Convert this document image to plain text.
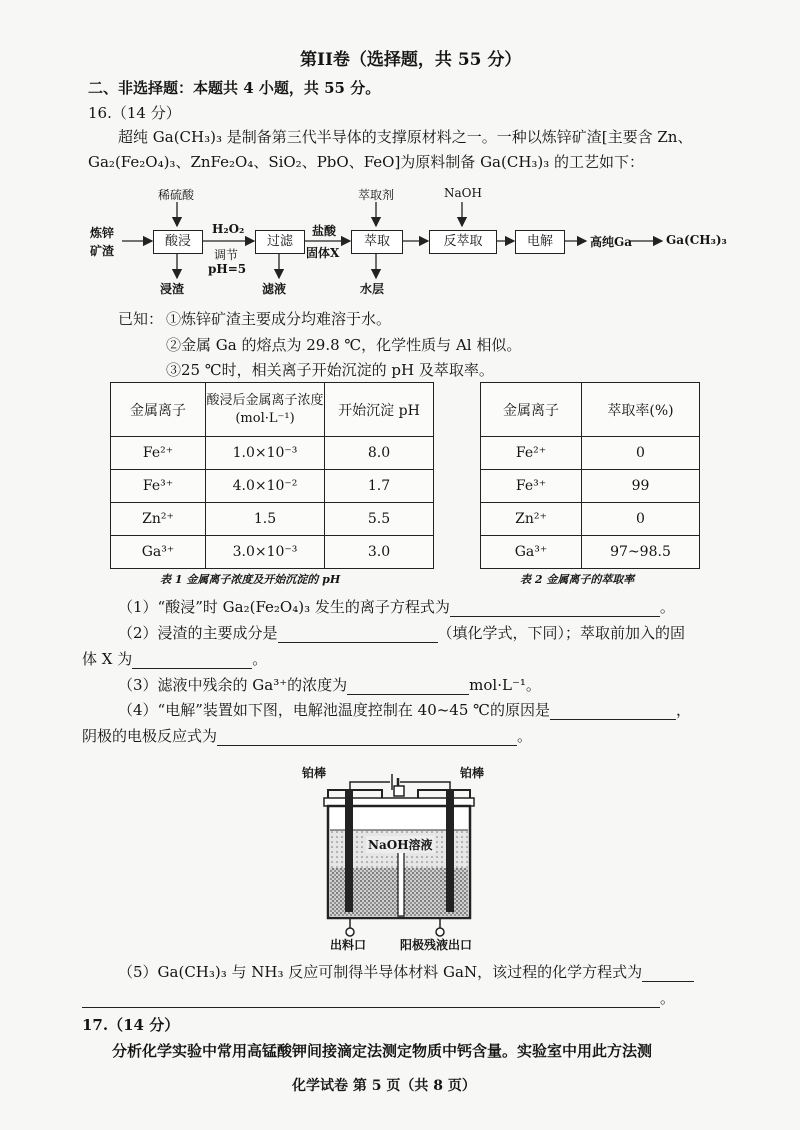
第II卷（选择题，共 55 分）
二、非选择题：本题共 4 小题，共 55 分。
16.（14 分）
超纯 Ga(CH₃)₃ 是制备第三代半导体的支撑原材料之一。一种以炼锌矿渣[主要含 Zn、
Ga₂(Fe₂O₄)₃、ZnFe₂O₄、SiO₂、PbO、FeO]为原料制备 Ga(CH₃)₃ 的工艺如下：
炼锌
矿渣
酸浸	过滤	萃取	反萃取	电解
稀硫酸	萃取剂	NaOH
H₂O₂
调节
pH=5
盐酸
固体X
浸渣	滤液	水层
高纯Ga	Ga(CH₃)₃
已知： ①炼锌矿渣主要成分均难溶于水。
②金属 Ga 的熔点为 29.8 ℃，化学性质与 Al 相似。
③25 ℃时，相关离子开始沉淀的 pH 及萃取率。
金属离子	酸浸后金属离子浓度(mol·L⁻¹)	开始沉淀 pH
Fe²⁺	1.0×10⁻³	8.0
Fe³⁺	4.0×10⁻²	1.7
Zn²⁺	1.5	5.5
Ga³⁺	3.0×10⁻³	3.0
表 1 金属离子浓度及开始沉淀的 pH
金属离子	萃取率(%)
Fe²⁺	0
Fe³⁺	99
Zn²⁺	0
Ga³⁺	97~98.5
表 2 金属离子的萃取率
（1）“酸浸”时 Ga₂(Fe₂O₄)₃ 发生的离子方程式为	。
（2）浸渣的主要成分是	（填化学式，下同）；萃取前加入的固
体 X 为	。
（3）滤液中残余的 Ga³⁺的浓度为	mol·L⁻¹。
（4）“电解”装置如下图，电解池温度控制在 40~45 ℃的原因是	，
阴极的电极反应式为	。
铂棒	铂棒
NaOH溶液
出料口	阳极残液出口
（5）Ga(CH₃)₃ 与 NH₃ 反应可制得半导体材料 GaN，该过程的化学方程式为
。
17.（14 分）
分析化学实验中常用高锰酸钾间接滴定法测定物质中钙含量。实验室中用此方法测
化学试卷 第 5 页（共 8 页）
